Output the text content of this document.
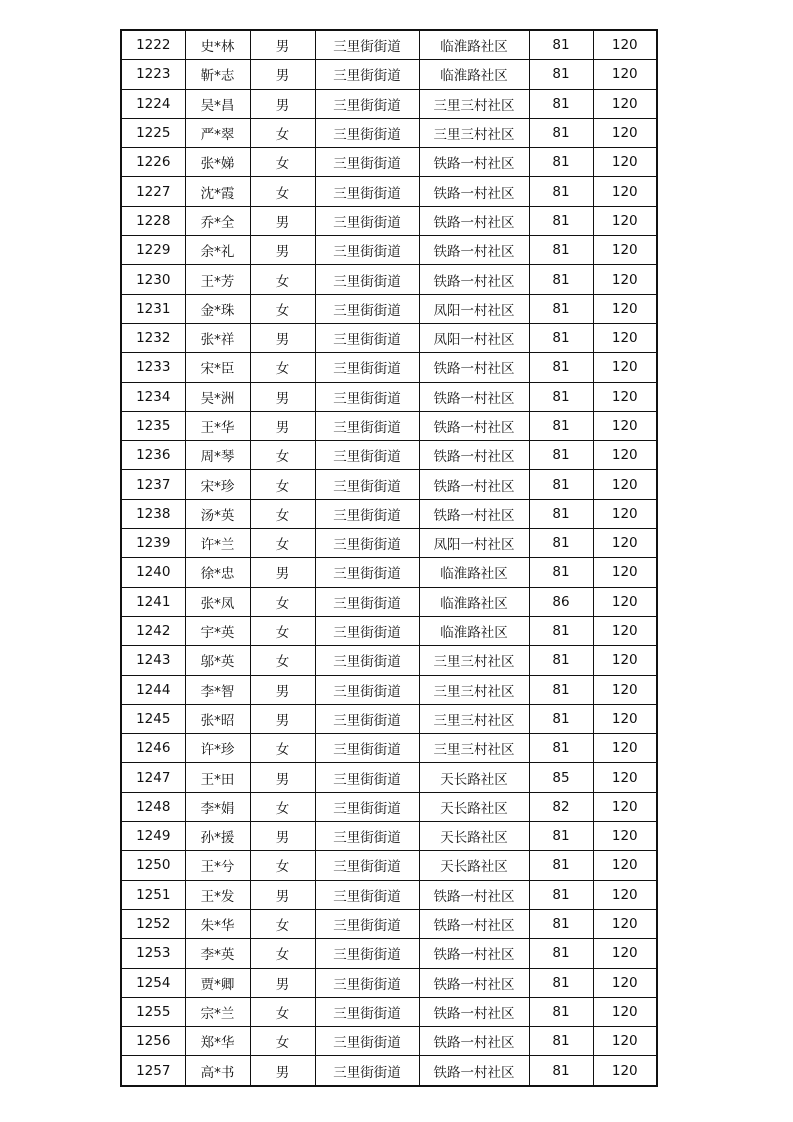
1222	史*林	男	三里街街道	临淮路社区	81	120
1223	靳*志	男	三里街街道	临淮路社区	81	120
1224	吴*昌	男	三里街街道	三里三村社区	81	120
1225	严*翠	女	三里街街道	三里三村社区	81	120
1226	张*娣	女	三里街街道	铁路一村社区	81	120
1227	沈*霞	女	三里街街道	铁路一村社区	81	120
1228	乔*全	男	三里街街道	铁路一村社区	81	120
1229	余*礼	男	三里街街道	铁路一村社区	81	120
1230	王*芳	女	三里街街道	铁路一村社区	81	120
1231	金*珠	女	三里街街道	凤阳一村社区	81	120
1232	张*祥	男	三里街街道	凤阳一村社区	81	120
1233	宋*臣	女	三里街街道	铁路一村社区	81	120
1234	吴*洲	男	三里街街道	铁路一村社区	81	120
1235	王*华	男	三里街街道	铁路一村社区	81	120
1236	周*琴	女	三里街街道	铁路一村社区	81	120
1237	宋*珍	女	三里街街道	铁路一村社区	81	120
1238	汤*英	女	三里街街道	铁路一村社区	81	120
1239	许*兰	女	三里街街道	凤阳一村社区	81	120
1240	徐*忠	男	三里街街道	临淮路社区	81	120
1241	张*凤	女	三里街街道	临淮路社区	86	120
1242	宇*英	女	三里街街道	临淮路社区	81	120
1243	邬*英	女	三里街街道	三里三村社区	81	120
1244	李*智	男	三里街街道	三里三村社区	81	120
1245	张*昭	男	三里街街道	三里三村社区	81	120
1246	许*珍	女	三里街街道	三里三村社区	81	120
1247	王*田	男	三里街街道	天长路社区	85	120
1248	李*娟	女	三里街街道	天长路社区	82	120
1249	孙*援	男	三里街街道	天长路社区	81	120
1250	王*兮	女	三里街街道	天长路社区	81	120
1251	王*发	男	三里街街道	铁路一村社区	81	120
1252	朱*华	女	三里街街道	铁路一村社区	81	120
1253	李*英	女	三里街街道	铁路一村社区	81	120
1254	贾*卿	男	三里街街道	铁路一村社区	81	120
1255	宗*兰	女	三里街街道	铁路一村社区	81	120
1256	郑*华	女	三里街街道	铁路一村社区	81	120
1257	高*书	男	三里街街道	铁路一村社区	81	120
